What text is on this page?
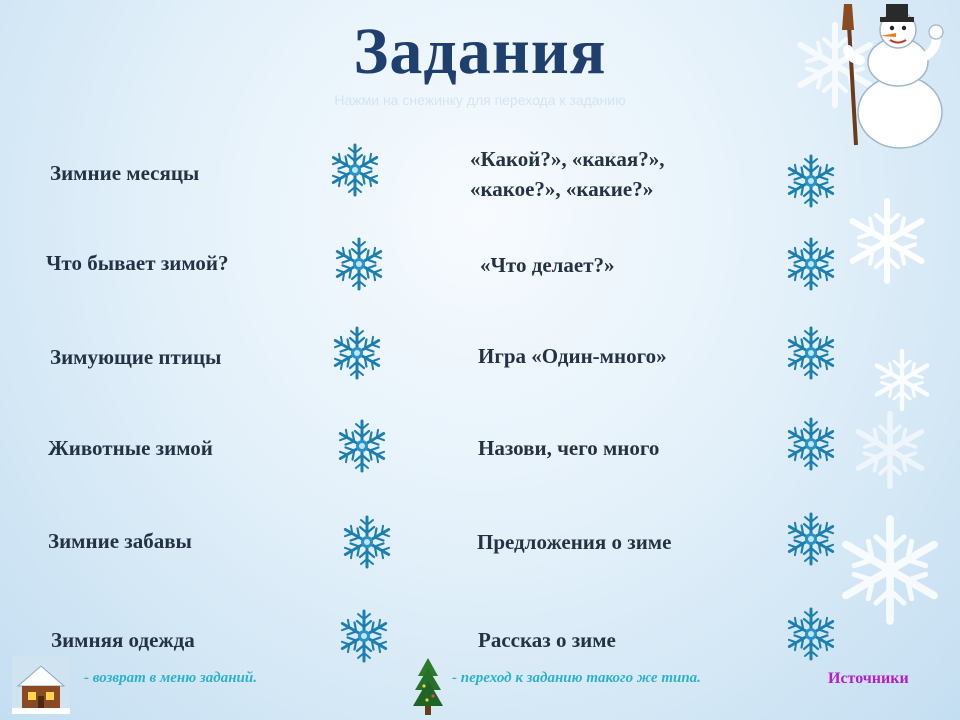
Задания
Нажми на снежинку для перехода к заданию
Зимние месяцы
Что бывает зимой?
Зимующие птицы
Животные зимой
Зимние забавы
Зимняя одежда
«Какой?», «какая?», «какое?», «какие?»
«Что делает?»
Игра «Один-много»
Назови, чего много
Предложения о зиме
Рассказ о зиме
- возврат в меню заданий.	- переход к заданию такого же типа.	Источники
